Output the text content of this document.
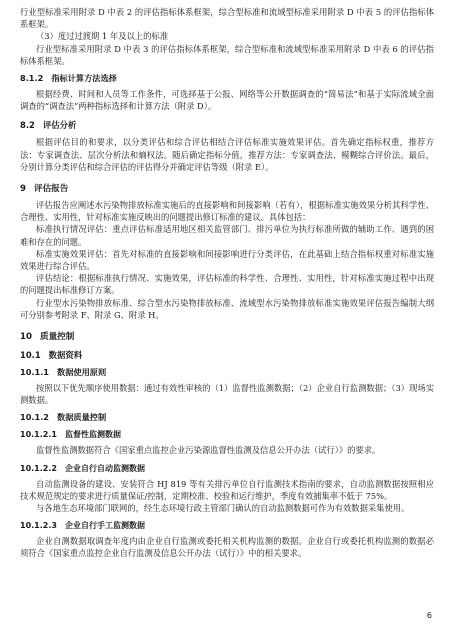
行业型标准采用附录 D 中表 2 的评估指标体系框架，综合型标准和流域型标准采用附录 D 中表 5 的评估指标体系框架。

（3）度过过渡期 1 年及以上的标准

行业型标准采用附录 D 中表 3 的评估指标体系框架，综合型标准和流域型标准采用附录 D 中表 6 的评估指标体系框架。

8.1.2 指标计算方法选择

根据经费、时间和人员等工作条件，可选择基于公报、网络等公开数据调查的“简易法”和基于实际流域全面调查的“调查法”两种指标选择和计算方法（附录 D）。

8.2 评估分析

根据评估目的和要求，以分类评估和综合评估相结合评估标准实施效果评估。首先确定指标权重，推荐方法：专家调查法、层次分析法和熵权法。随后确定指标分值，推荐方法：专家调查法、模糊综合评价法。最后，分别计算分类评估和综合评估的评估得分并确定评估等级（附录 E）。

9 评估报告

评估报告应阐述水污染物排放标准实施后的直接影响和间接影响（若有），根据标准实施效果分析其科学性、合理性、实用性，针对标准实施反映出的问题提出修订标准的建议。具体包括：

标准执行情况评估：重点评估标准适用地区相关监管部门、排污单位为执行标准所做的辅助工作、遇到的困难和存在的问题。

标准实施效果评估：首先对标准的直接影响和间接影响进行分类评估，在此基础上结合指标权重对标准实施效果进行综合评估。

评估结论：根据标准执行情况、实施效果，评估标准的科学性、合理性、实用性，针对标准实施过程中出现的问题提出标准修订方案。

行业型水污染物排放标准、综合型水污染物排放标准、流域型水污染物排放标准实施效果评估报告编制大纲可分别参考附录 F、附录 G、附录 H。

10 质量控制
10.1 数据资料
10.1.1 数据使用原则

按照以下优先顺序使用数据：通过有效性审核的（1）监督性监测数据；（2）企业自行监测数据；（3）现场实测数据。

10.1.2 数据质量控制
10.1.2.1 监督性监测数据

监督性监测数据符合《国家重点监控企业污染源监督性监测及信息公开办法（试行）》的要求。

10.1.2.2 企业自行自动监测数据

自动监测设备的建设、安装符合 HJ 819 等有关排污单位自行监测技术指南的要求，自动监测数据按照相应技术规范规定的要求进行质量保证/控制，定期校准、校验和运行维护，季度有效捕集率不低于 75%。

与各地生态环境部门联网的，经生态环境行政主管部门确认的自动监测数据可作为有效数据采集使用。

10.1.2.3 企业自行手工监测数据

企业自测数据取调查年度内由企业自行监测或委托相关机构监测的数据。企业自行或委托机构监测的数据必须符合《国家重点监控企业自行监测及信息公开办法（试行）》中的相关要求。

6
